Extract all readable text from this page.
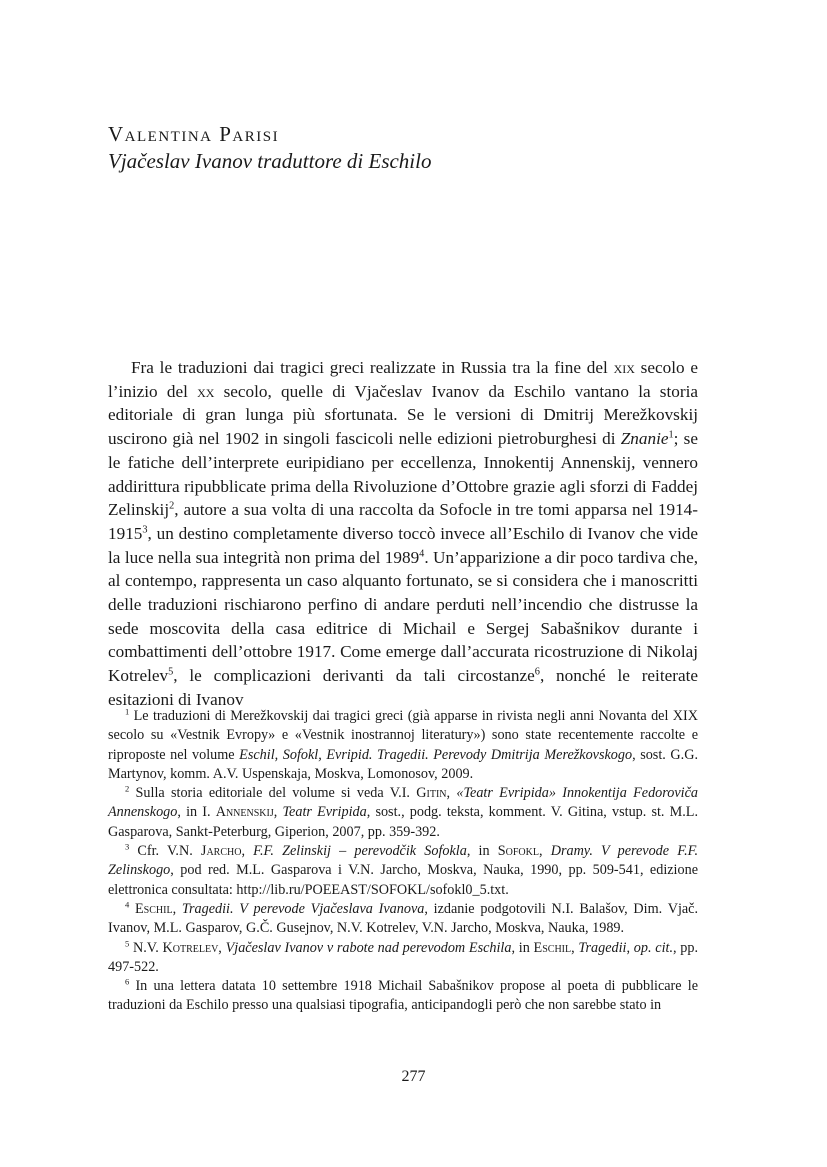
Valentina Parisi
Vjačeslav Ivanov traduttore di Eschilo

Fra le traduzioni dai tragici greci realizzate in Russia tra la fine del xix secolo e l’inizio del xx secolo, quelle di Vjačeslav Ivanov da Eschilo vantano la storia editoriale di gran lunga più sfortunata. Se le versioni di Dmitrij Merežkovskij uscirono già nel 1902 in singoli fascicoli nelle edizioni pietroburghesi di Znanie$^1$; se le fatiche dell’interprete euripidiano per eccellenza, Innokentij Annenskij, vennero addirittura ripubblicate prima della Rivoluzione d’Ottobre grazie agli sforzi di Faddej Zelinskij$^2$, autore a sua volta di una raccolta da Sofocle in tre tomi apparsa nel 1914-1915$^3$, un destino completamente diverso toccò invece all’Eschilo di Ivanov che vide la luce nella sua integrità non prima del 1989$^4$. Un’apparizione a dir poco tardiva che, al contempo, rappresenta un caso alquanto fortunato, se si considera che i manoscritti delle traduzioni rischiarono perfino di andare perduti nell’incendio che distrusse la sede moscovita della casa editrice di Michail e Sergej Sabašnikov durante i combattimenti dell’ottobre 1917. Come emerge dall’accurata ricostruzione di Nikolaj Kotrelev$^5$, le complicazioni derivanti da tali circostanze$^6$, nonché le reiterate esitazioni di Ivanov

$^1$ Le traduzioni di Merežkovskij dai tragici greci (già apparse in rivista negli anni Novanta del XIX secolo su «Vestnik Evropy» e «Vestnik inostrannoj literatury») sono state recentemente raccolte e riproposte nel volume Eschil, Sofokl, Evripid. Tragedii. Perevody Dmitrija Merežkovskogo, sost. G.G. Martynov, komm. A.V. Uspenskaja, Moskva, Lomonosov, 2009.

$^2$ Sulla storia editoriale del volume si veda V.I. Gitin, «Teatr Evripida» Innokentija Fedoroviča Annenskogo, in I. Annenskij, Teatr Evripida, sost., podg. teksta, komment. V. Gitina, vstup. st. M.L. Gasparova, Sankt-Peterburg, Giperion, 2007, pp. 359-392.

$^3$ Cfr. V.N. Jarcho, F.F. Zelinskij – perevodčik Sofokla, in Sofokl, Dramy. V perevode F.F. Zelinskogo, pod red. M.L. Gasparova i V.N. Jarcho, Moskva, Nauka, 1990, pp. 509-541, edizione elettronica consultata: http://lib.ru/POEEAST/SOFOKL/sofokl0_5.txt.

$^4$ Eschil, Tragedii. V perevode Vjačeslava Ivanova, izdanie podgotovili N.I. Balašov, Dim. Vjač. Ivanov, M.L. Gasparov, G.Č. Gusejnov, N.V. Kotrelev, V.N. Jarcho, Moskva, Nauka, 1989.

$^5$ N.V. Kotrelev, Vjačeslav Ivanov v rabote nad perevodom Eschila, in Eschil, Tragedii, op. cit., pp. 497-522.

$^6$ In una lettera datata 10 settembre 1918 Michail Sabašnikov propose al poeta di pubblicare le traduzioni da Eschilo presso una qualsiasi tipografia, anticipandogli però che non sarebbe stato in

277
